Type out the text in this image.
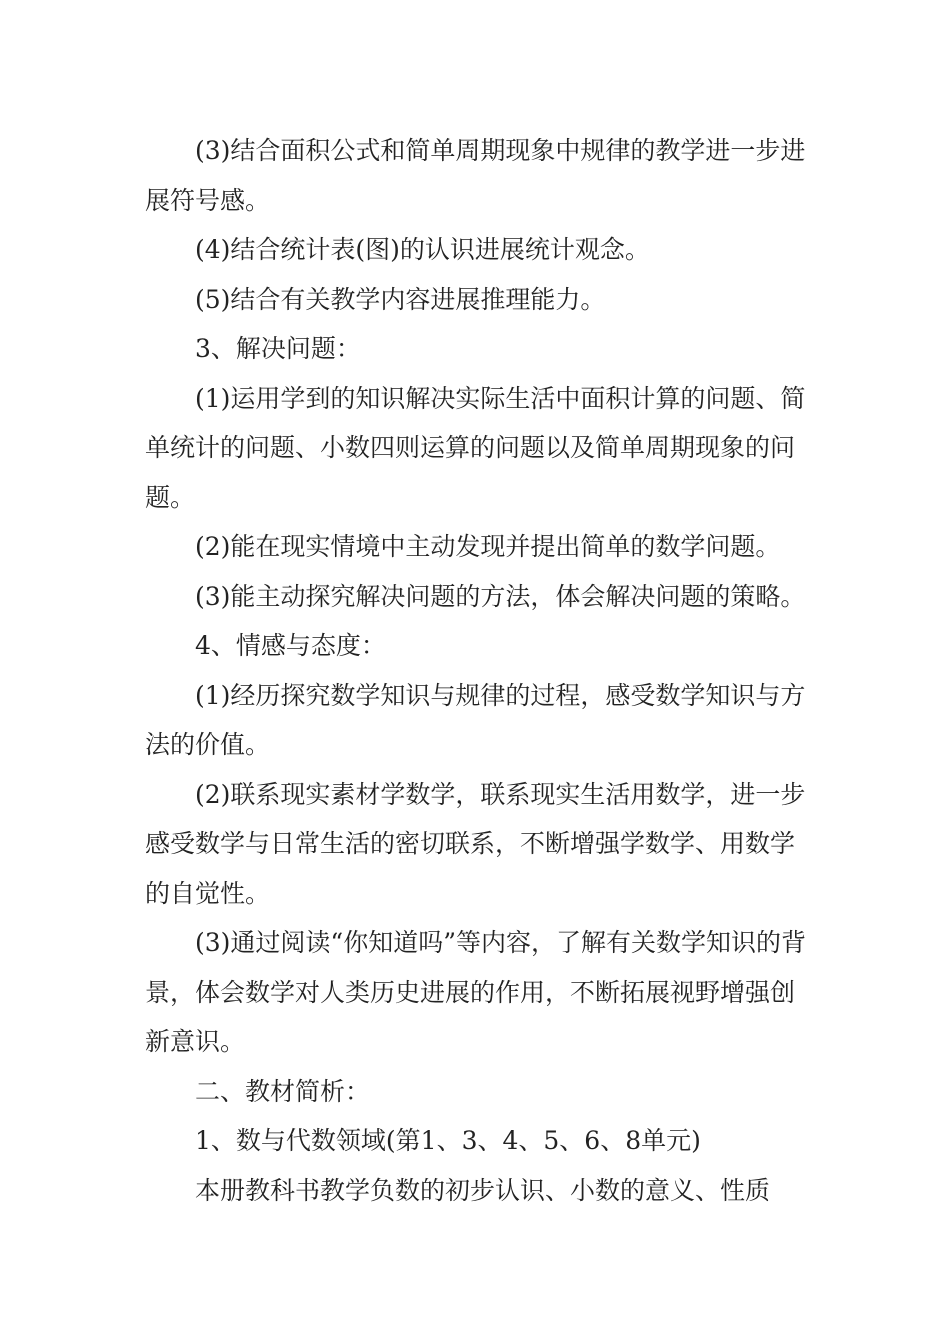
(3)结合面积公式和简单周期现象中规律的教学进一步进展符号感。

(4)结合统计表(图)的认识进展统计观念。

(5)结合有关教学内容进展推理能力。

3、解决问题：

(1)运用学到的知识解决实际生活中面积计算的问题、简单统计的问题、小数四则运算的问题以及简单周期现象的问题。

(2)能在现实情境中主动发现并提出简单的数学问题。

(3)能主动探究解决问题的方法，体会解决问题的策略。

4、情感与态度：

(1)经历探究数学知识与规律的过程，感受数学知识与方法的价值。

(2)联系现实素材学数学，联系现实生活用数学，进一步感受数学与日常生活的密切联系，不断增强学数学、用数学的自觉性。

(3)通过阅读“你知道吗”等内容，了解有关数学知识的背景，体会数学对人类历史进展的作用，不断拓展视野增强创新意识。

二、教材简析：

1、数与代数领域(第1、3、4、5、6、8单元)

本册教科书教学负数的初步认识、小数的意义、性质
